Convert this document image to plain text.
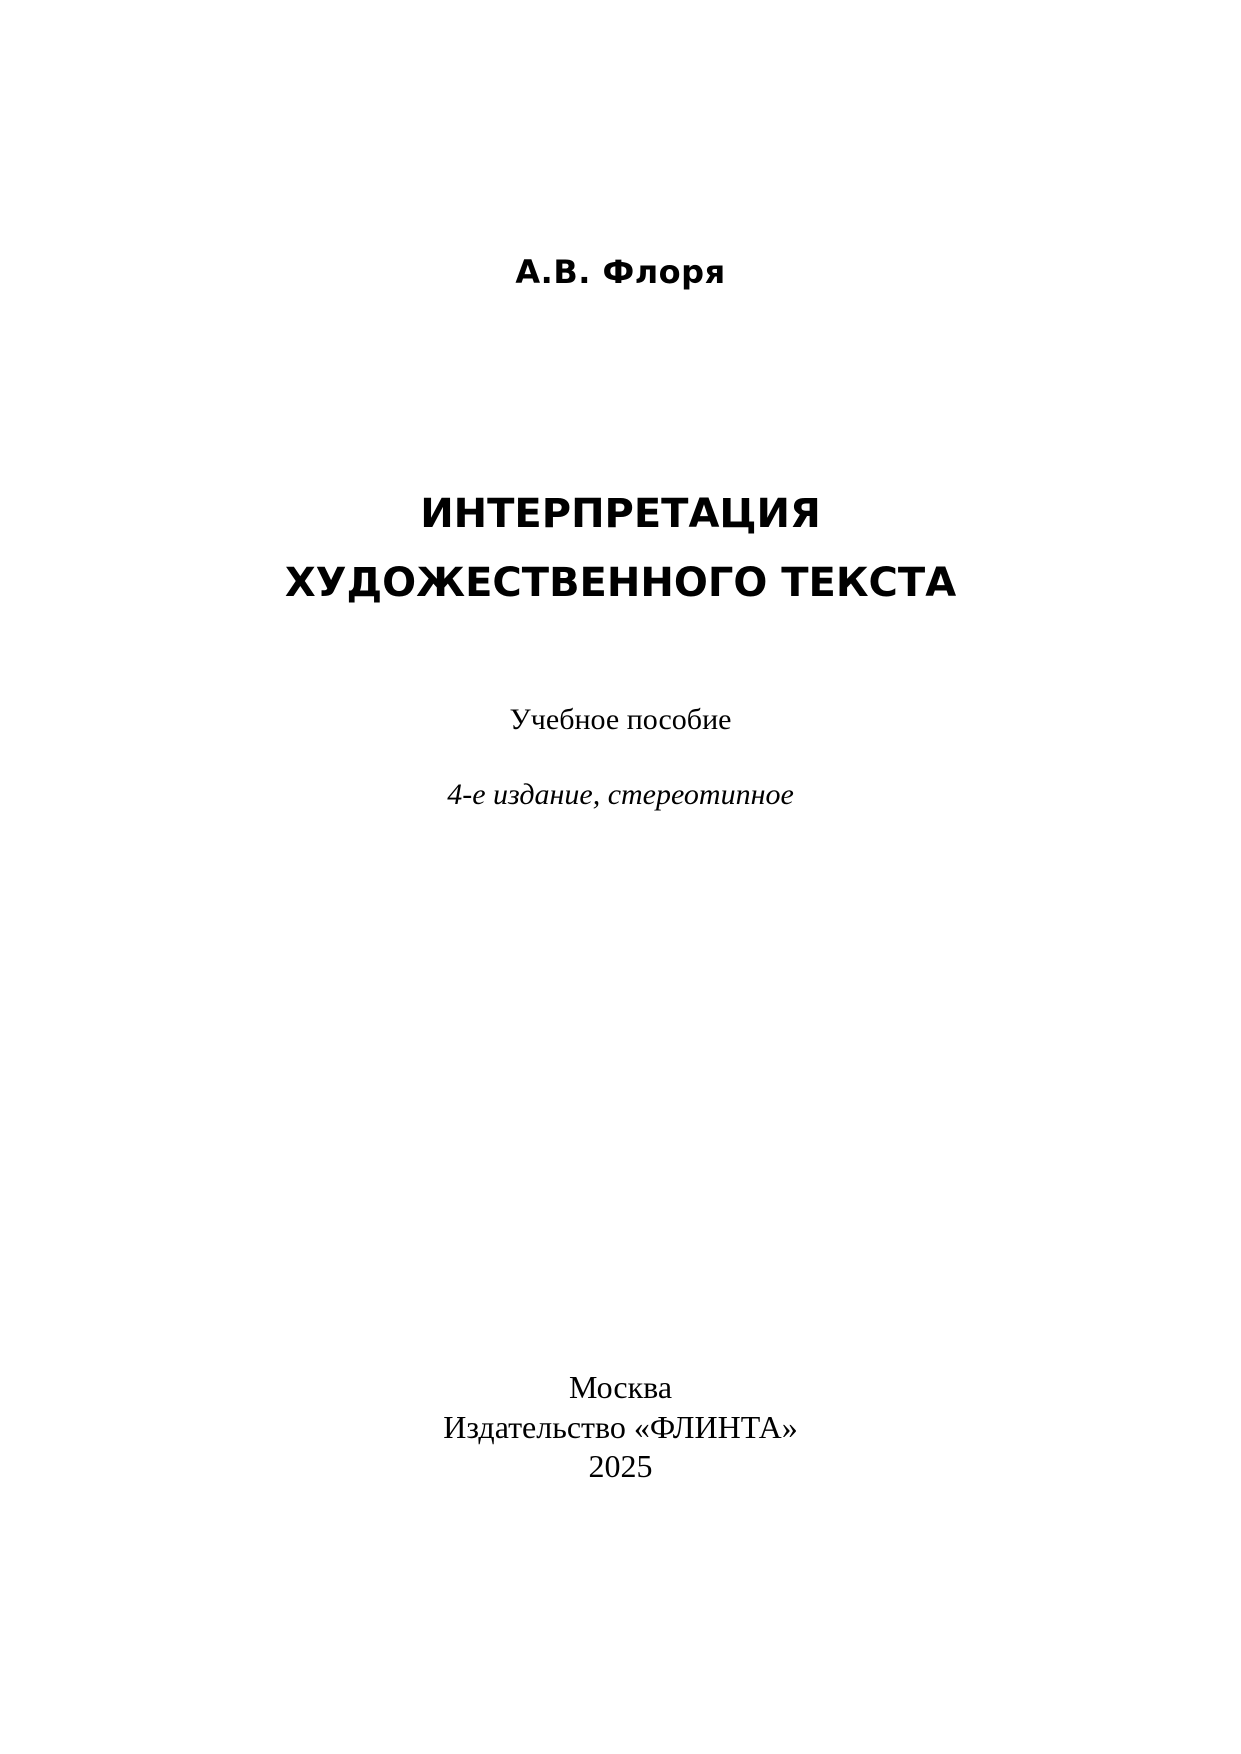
А.В. Флоря
ИНТЕРПРЕТАЦИЯ
ХУДОЖЕСТВЕННОГО ТЕКСТА
Учебное пособие
4-е издание, стереотипное
Москва
Издательство «ФЛИНТА»
2025
